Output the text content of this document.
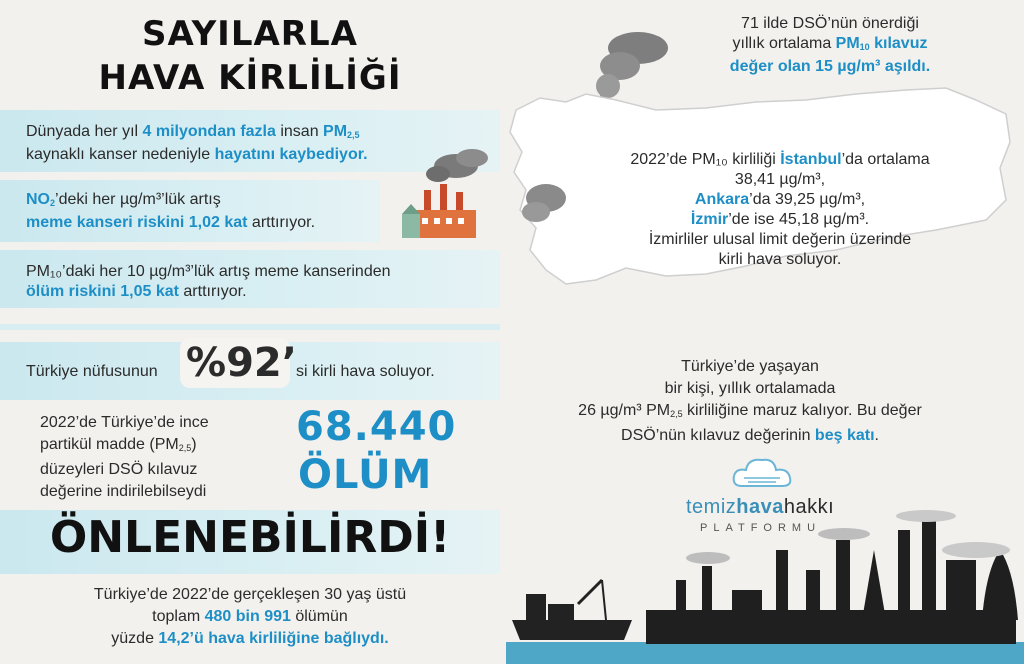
SAYILARLA
HAVA KİRLİLİĞİ
Dünyada her yıl 4 milyondan fazla insan $PM_{2,5}$
kaynaklı kanser nedeniyle hayatını kaybediyor.
$NO_2’deki$ her µg/m³’lük artış
meme kanseri riskini 1,02 kat arttırıyor.
PM₁₀’daki her 10 µg/m³’lük artış meme kanserinden
ölüm riskini 1,05 kat arttırıyor.
Türkiye nüfusunun %92’ si kirli hava soluyor.
2022’de Türkiye’de ince
partikül madde $(PM_{2,5})$
düzeyleri DSÖ kılavuz
değerine indirilebilseydi
68.440
ÖLÜM
ÖNLENEBİLİRDİ!
Türkiye’de 2022’de gerçekleşen 30 yaş üstü
toplam 480 bin 991 ölümün
yüzde 14,2’ü hava kirliliğine bağlıydı.
71 ilde DSÖ’nün önerdiği
yıllık ortalama $PM_{10}$ kılavuz
değer olan 15 µg/m³ aşıldı.
2022’de PM₁₀ kirliliği İstanbul’da ortalama
38,41 µg/m³,
Ankara’da 39,25 µg/m³,
İzmir’de ise 45,18 µg/m³.
İzmirliler ulusal limit değerin üzerinde
kirli hava soluyor.
Türkiye’de yaşayan
bir kişi, yıllık ortalamada
26 µg/m³ $PM_{2,5}$ kirliliğine maruz kalıyor. Bu değer
DSÖ’nün kılavuz değerinin beş katı.
temizhavahakkı
PLATFORMU
